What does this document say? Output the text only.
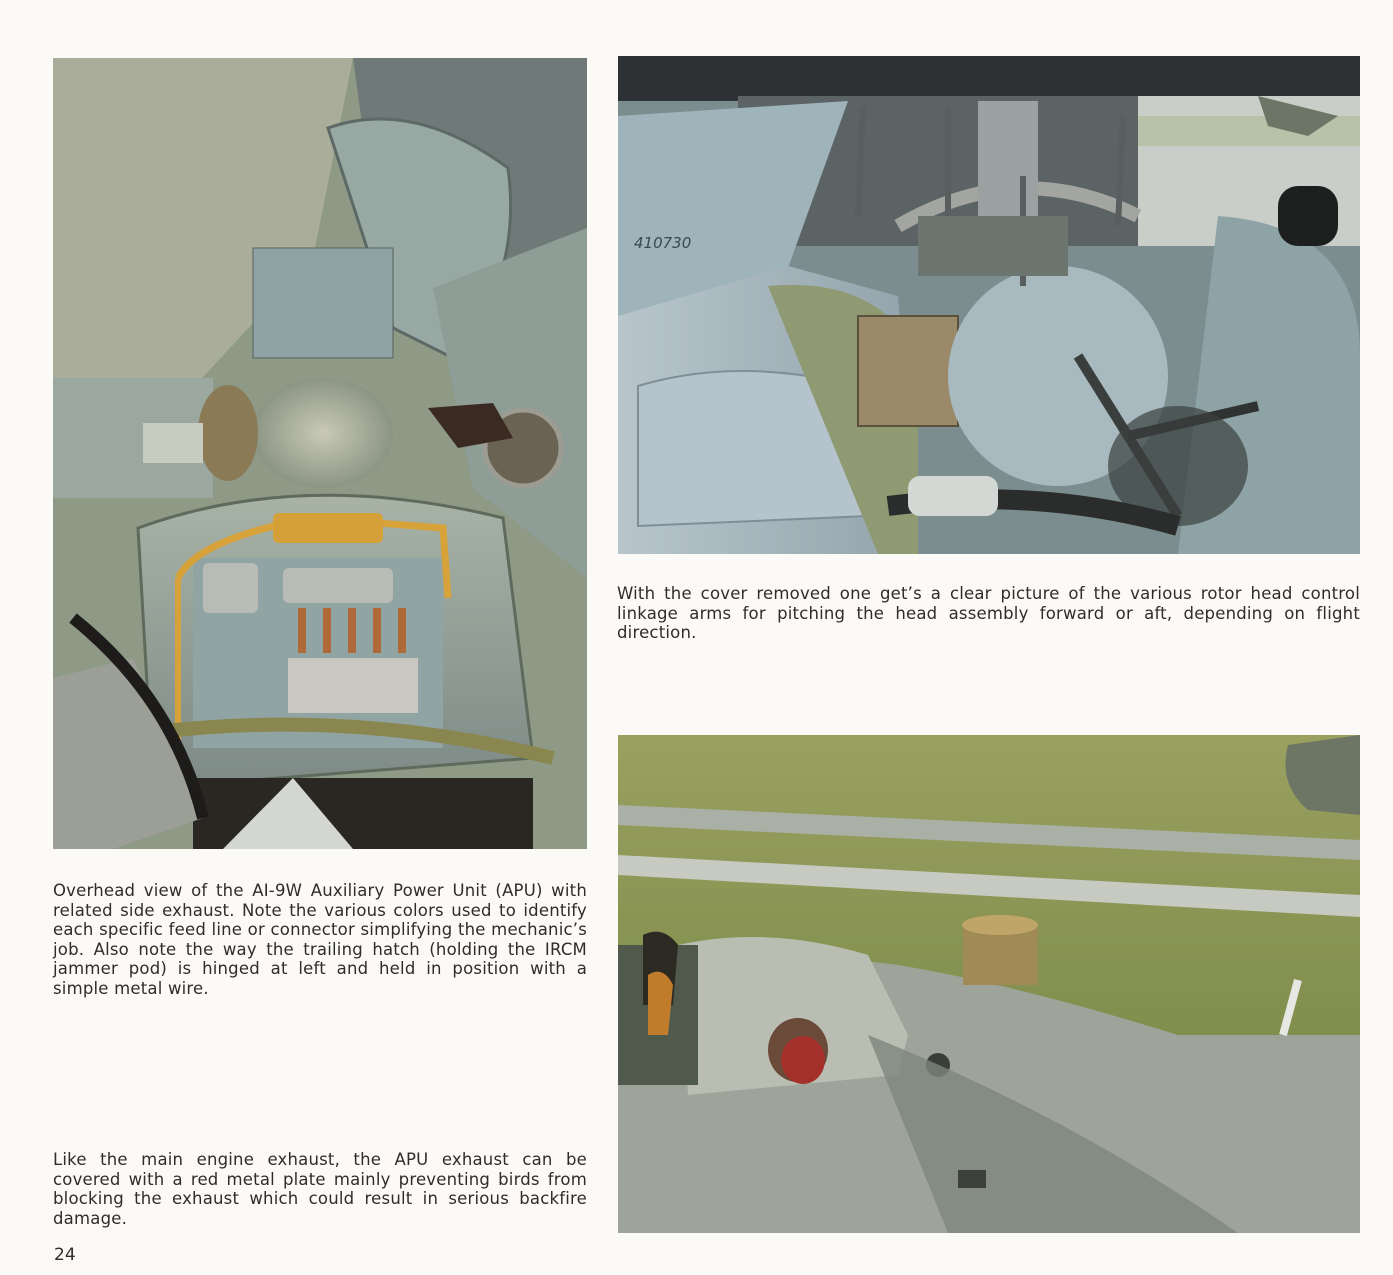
410730

Overhead view of the AI-9W Auxiliary Power Unit (APU) with related side exhaust. Note the various colors used to identify each specific feed line or connector simplifying the mechanic’s job. Also note the way the trailing hatch (holding the IRCM jammer pod) is hinged at left and held in position with a simple metal wire.

With the cover removed one get’s a clear picture of the various rotor head control linkage arms for pitching the head assembly forward or aft, depending on flight direction.

Like the main engine exhaust, the APU exhaust can be covered with a red metal plate mainly preventing birds from blocking the exhaust which could result in serious backfire damage.

24
